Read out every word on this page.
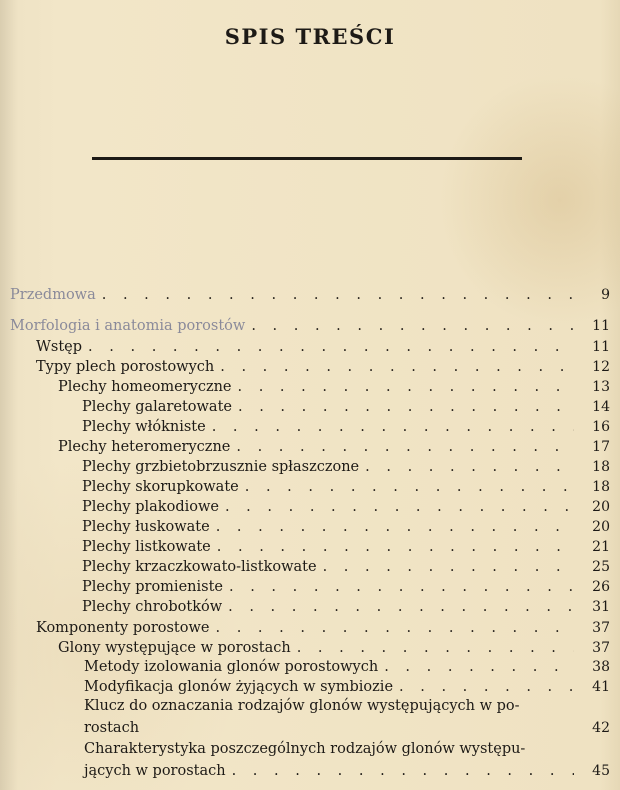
SPIS TREŚCI
Przedmowa . . .	9
Morfologia i anatomia porostów . . .	11
Wstęp . . .	11
Typy plech porostowych . . .	12
Plechy homeomeryczne . . .	13
Plechy galaretowate . . .	14
Plechy włókniste . . .	16
Plechy heteromeryczne . . .	17
Plechy grzbietobrzusznie spłaszczone . . .	18
Plechy skorupkowate . . .	18
Plechy plakodiowe . . .	20
Plechy łuskowate . . .	20
Plechy listkowate . . .	21
Plechy krzaczkowato-listkowate . . .	25
Plechy promieniste . . .	26
Plechy chrobotków . . .	31
Komponenty porostowe . . .	37
Glony występujące w porostach . . .	37
Metody izolowania glonów porostowych . . .	38
Modyfikacja glonów żyjących w symbiozie . . .	41
Klucz do oznaczania rodzajów glonów występujących w po-
rostach	42
Charakterystyka poszczególnych rodzajów glonów występu-
jących w porostach . . .	45
